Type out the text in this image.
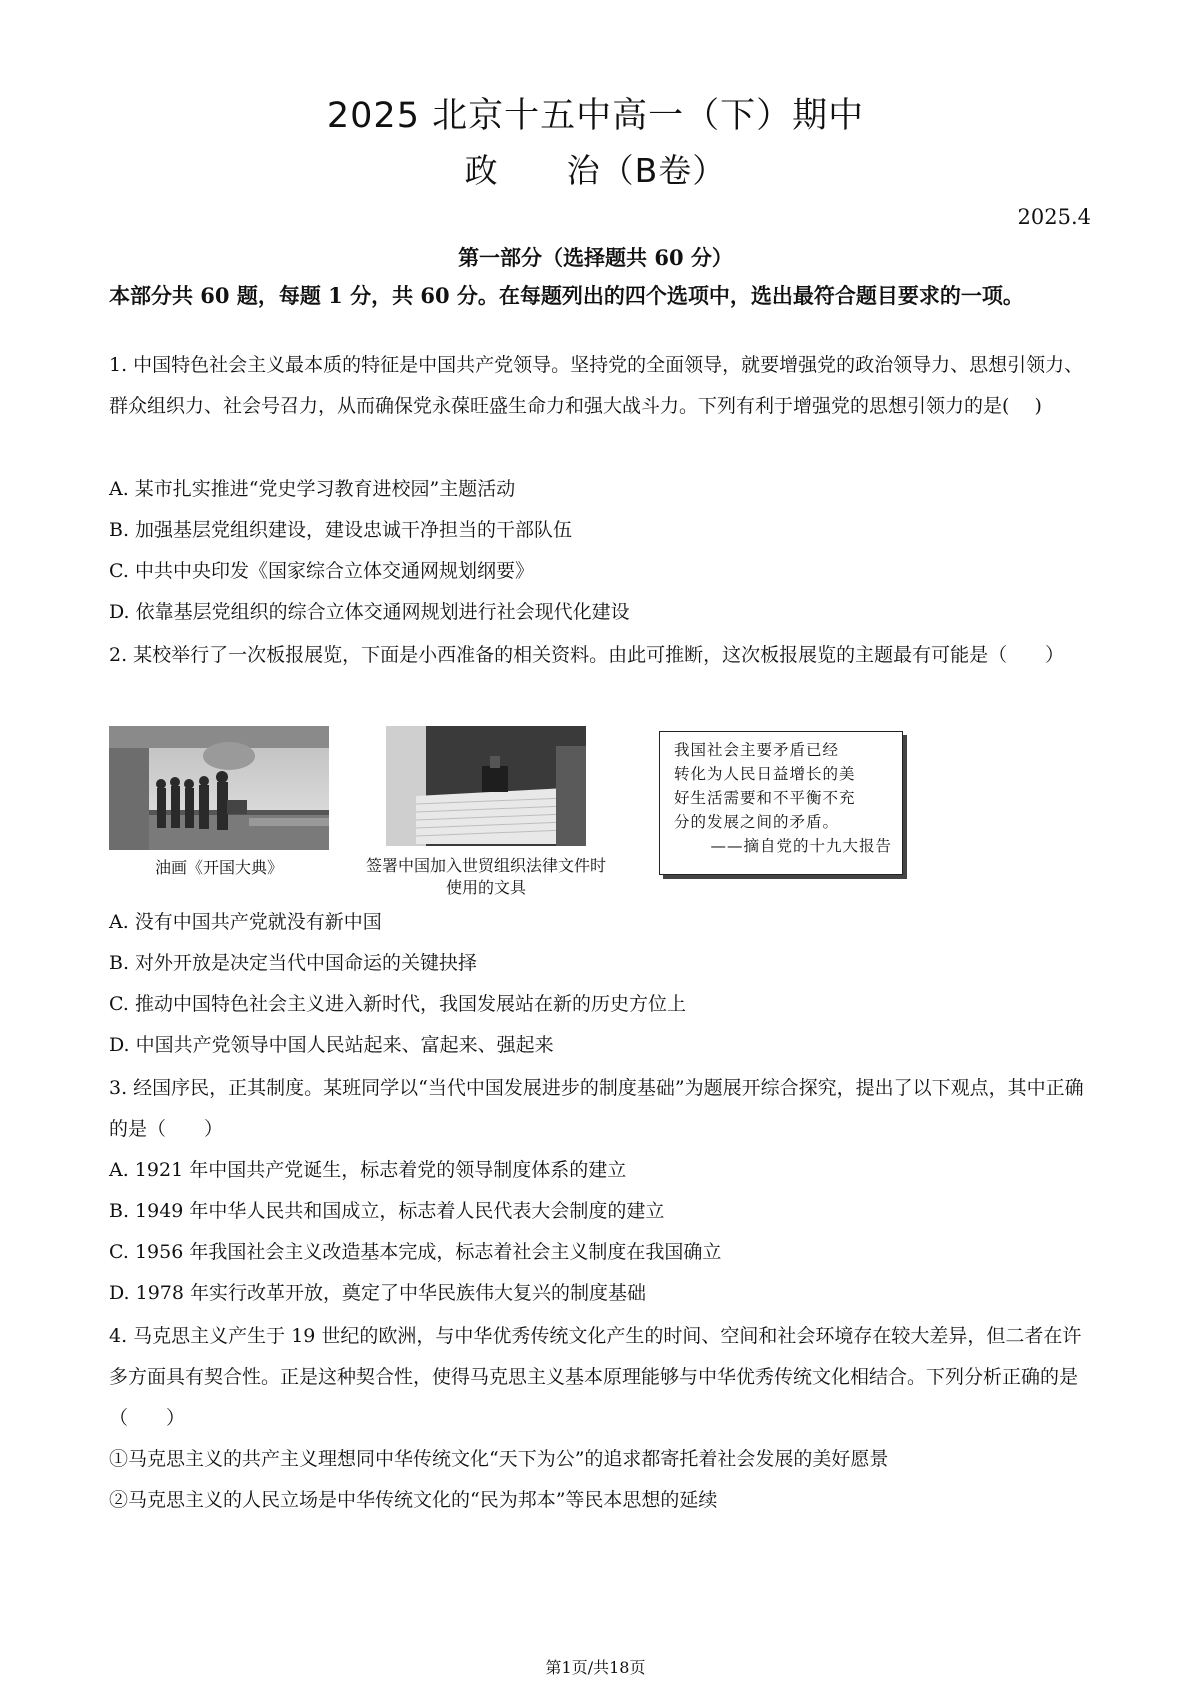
2025 北京十五中高一（下）期中
政　　治（B卷）
2025.4
第一部分（选择题共 60 分）
本部分共 60 题，每题 1 分，共 60 分。在每题列出的四个选项中，选出最符合题目要求的一项。
1. 中国特色社会主义最本质的特征是中国共产党领导。坚持党的全面领导，就要增强党的政治领导力、思想引领力、群众组织力、社会号召力，从而确保党永葆旺盛生命力和强大战斗力。下列有利于增强党的思想引领力的是(　 )
A. 某市扎实推进“党史学习教育进校园”主题活动
B. 加强基层党组织建设，建设忠诚干净担当的干部队伍
C. 中共中央印发《国家综合立体交通网规划纲要》
D. 依靠基层党组织的综合立体交通网规划进行社会现代化建设
2. 某校举行了一次板报展览，下面是小西准备的相关资料。由此可推断，这次板报展览的主题最有可能是（　　）
油画《开国大典》	签署中国加入世贸组织法律文件时使用的文具
我国社会主要矛盾已经
转化为人民日益增长的美
好生活需要和不平衡不充
分的发展之间的矛盾。
——摘自党的十九大报告
A. 没有中国共产党就没有新中国
B. 对外开放是决定当代中国命运的关键抉择
C. 推动中国特色社会主义进入新时代，我国发展站在新的历史方位上
D. 中国共产党领导中国人民站起来、富起来、强起来
3. 经国序民，正其制度。某班同学以“当代中国发展进步的制度基础”为题展开综合探究，提出了以下观点，其中正确的是（　　）
A. 1921 年中国共产党诞生，标志着党的领导制度体系的建立
B. 1949 年中华人民共和国成立，标志着人民代表大会制度的建立
C. 1956 年我国社会主义改造基本完成，标志着社会主义制度在我国确立
D. 1978 年实行改革开放，奠定了中华民族伟大复兴的制度基础
4. 马克思主义产生于 19 世纪的欧洲，与中华优秀传统文化产生的时间、空间和社会环境存在较大差异，但二者在许多方面具有契合性。正是这种契合性，使得马克思主义基本原理能够与中华优秀传统文化相结合。下列分析正确的是（　　）
①马克思主义的共产主义理想同中华传统文化“天下为公”的追求都寄托着社会发展的美好愿景
②马克思主义的人民立场是中华传统文化的“民为邦本”等民本思想的延续
第1页/共18页
